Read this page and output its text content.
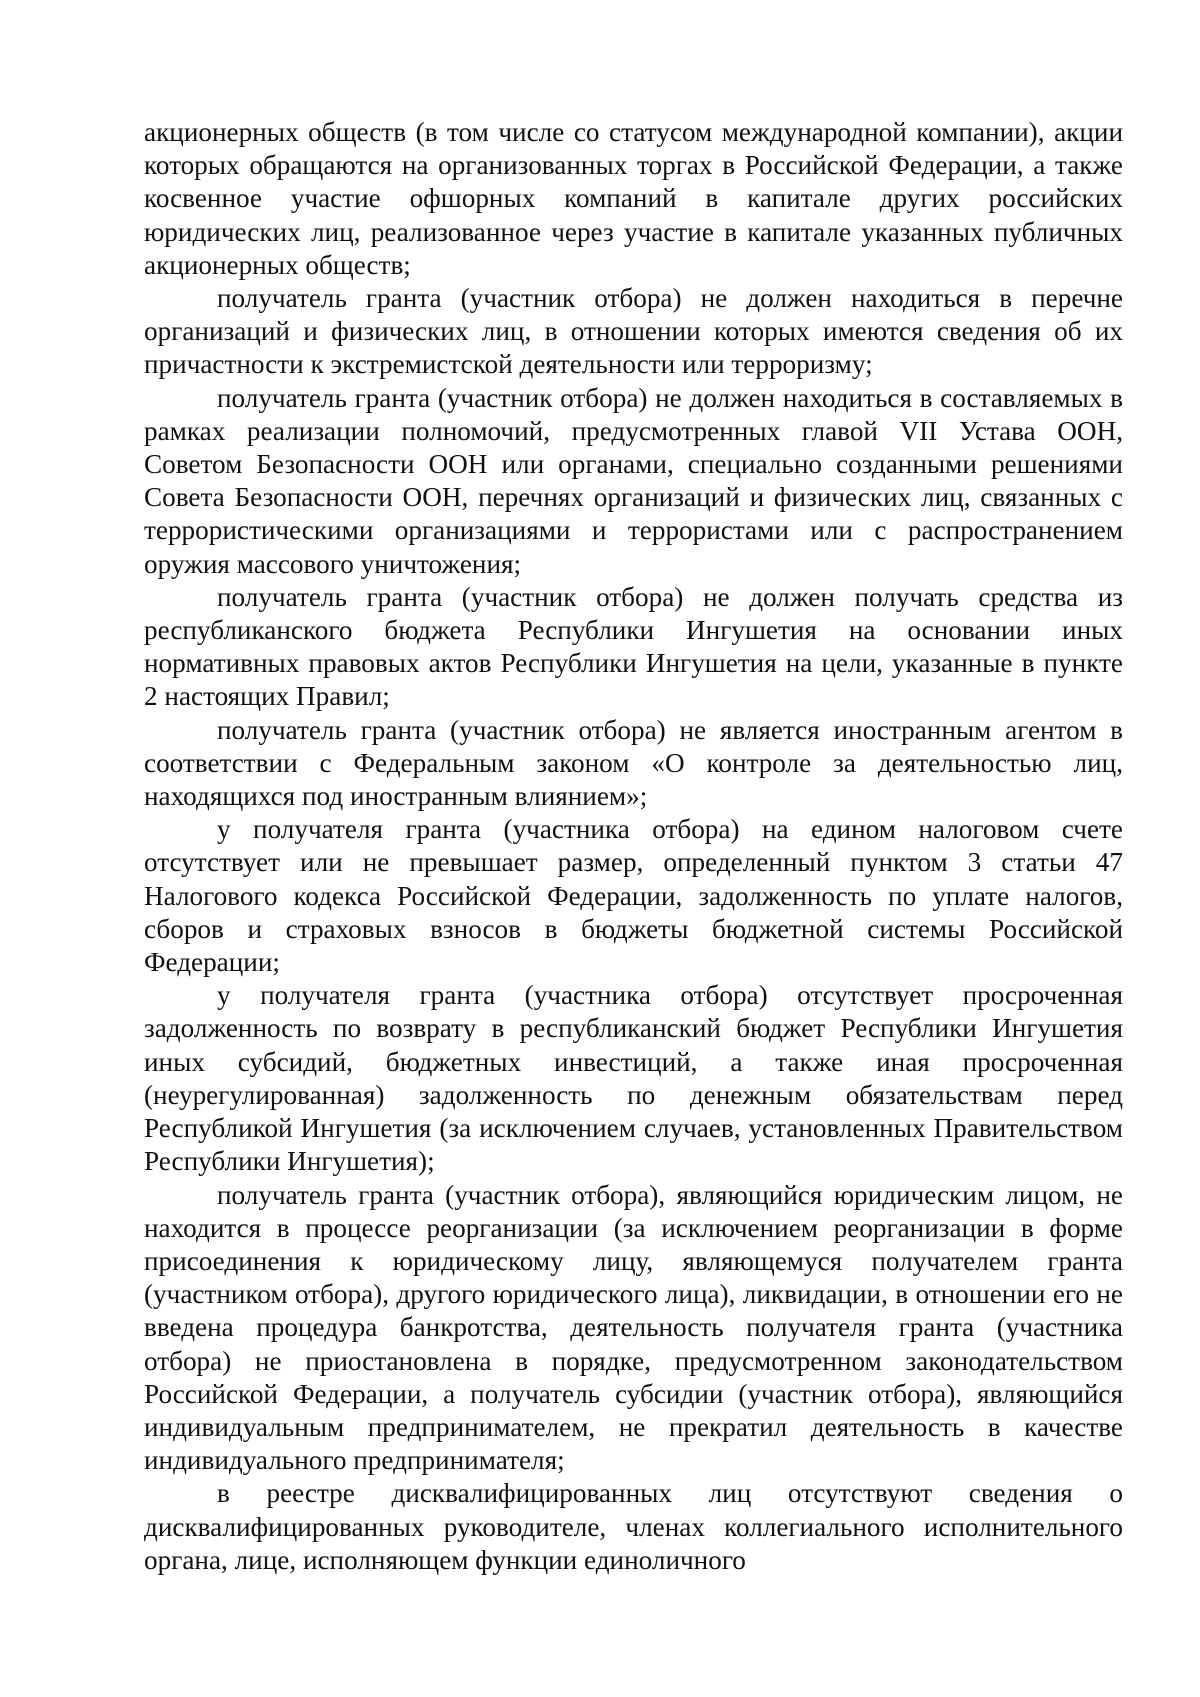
акционерных обществ (в том числе со статусом международной компании), акции которых обращаются на организованных торгах в Российской Федерации, а также косвенное участие офшорных компаний в капитале других российских юридических лиц, реализованное через участие в капитале указанных публичных акционерных обществ;

получатель гранта (участник отбора) не должен находиться в перечне организаций и физических лиц, в отношении которых имеются сведения об их причастности к экстремистской деятельности или терроризму;

получатель гранта (участник отбора) не должен находиться в составляемых в рамках реализации полномочий, предусмотренных главой VII Устава ООН, Советом Безопасности ООН или органами, специально созданными решениями Совета Безопасности ООН, перечнях организаций и физических лиц, связанных с террористическими организациями и террористами или с распространением оружия массового уничтожения;

получатель гранта (участник отбора) не должен получать средства из республиканского бюджета Республики Ингушетия на основании иных нормативных правовых актов Республики Ингушетия на цели, указанные в пункте 2 настоящих Правил;

получатель гранта (участник отбора) не является иностранным агентом в соответствии с Федеральным законом «О контроле за деятельностью лиц, находящихся под иностранным влиянием»;

у получателя гранта (участника отбора) на едином налоговом счете отсутствует или не превышает размер, определенный пунктом 3 статьи 47 Налогового кодекса Российской Федерации, задолженность по уплате налогов, сборов и страховых взносов в бюджеты бюджетной системы Российской Федерации;

у получателя гранта (участника отбора) отсутствует просроченная задолженность по возврату в республиканский бюджет Республики Ингушетия иных субсидий, бюджетных инвестиций, а также иная просроченная (неурегулированная) задолженность по денежным обязательствам перед Республикой Ингушетия (за исключением случаев, установленных Правительством Республики Ингушетия);

получатель гранта (участник отбора), являющийся юридическим лицом, не находится в процессе реорганизации (за исключением реорганизации в форме присоединения к юридическому лицу, являющемуся получателем гранта (участником отбора), другого юридического лица), ликвидации, в отношении его не введена процедура банкротства, деятельность получателя гранта (участника отбора) не приостановлена в порядке, предусмотренном законодательством Российской Федерации, а получатель субсидии (участник отбора), являющийся индивидуальным предпринимателем, не прекратил деятельность в качестве индивидуального предпринимателя;

в реестре дисквалифицированных лиц отсутствуют сведения о дисквалифицированных руководителе, членах коллегиального исполнительного органа, лице, исполняющем функции единоличного
